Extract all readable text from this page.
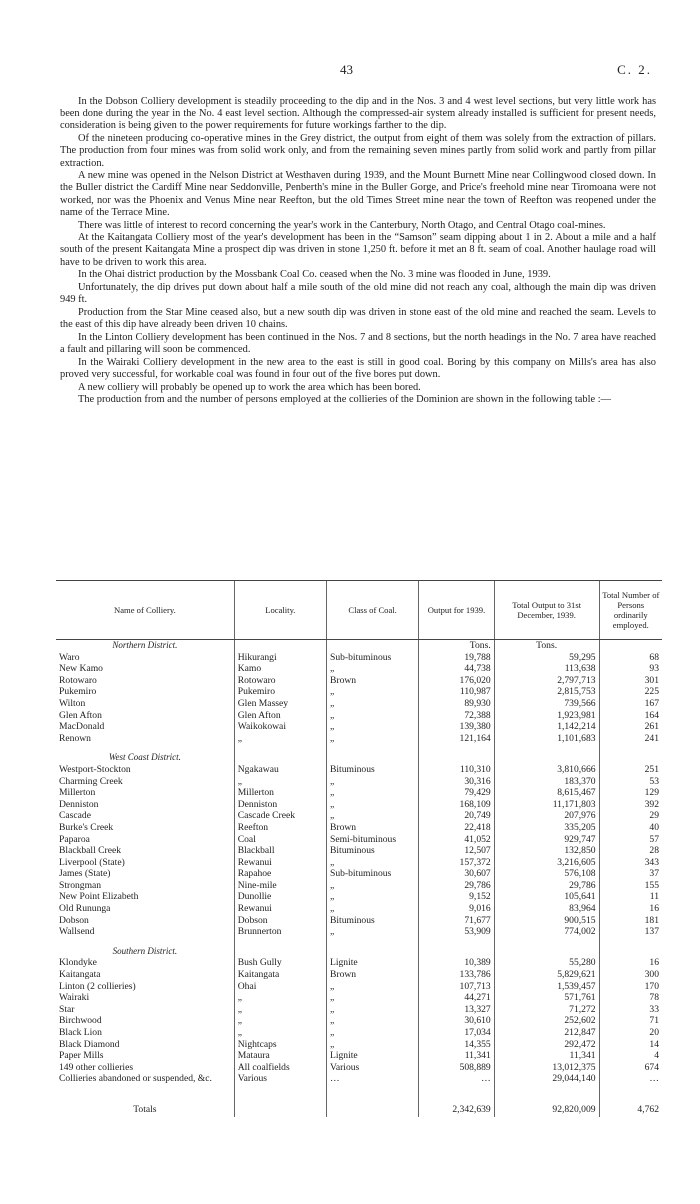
43	C. 2.

In the Dobson Colliery development is steadily proceeding to the dip and in the Nos. 3 and 4 west level sections, but very little work has been done during the year in the No. 4 east level section. Although the compressed-air system already installed is sufficient for present needs, consideration is being given to the power requirements for future workings farther to the dip.

Of the nineteen producing co-operative mines in the Grey district, the output from eight of them was solely from the extraction of pillars. The production from four mines was from solid work only, and from the remaining seven mines partly from solid work and partly from pillar extraction.

A new mine was opened in the Nelson District at Westhaven during 1939, and the Mount Burnett Mine near Collingwood closed down. In the Buller district the Cardiff Mine near Seddonville, Penberth's mine in the Buller Gorge, and Price's freehold mine near Tiromoana were not worked, nor was the Phoenix and Venus Mine near Reefton, but the old Times Street mine near the town of Reefton was reopened under the name of the Terrace Mine.

There was little of interest to record concerning the year's work in the Canterbury, North Otago, and Central Otago coal-mines.

At the Kaitangata Colliery most of the year's development has been in the “Samson” seam dipping about 1 in 2. About a mile and a half south of the present Kaitangata Mine a prospect dip was driven in stone 1,250 ft. before it met an 8 ft. seam of coal. Another haulage road will have to be driven to work this area.

In the Ohai district production by the Mossbank Coal Co. ceased when the No. 3 mine was flooded in June, 1939.

Unfortunately, the dip drives put down about half a mile south of the old mine did not reach any coal, although the main dip was driven 949 ft.

Production from the Star Mine ceased also, but a new south dip was driven in stone east of the old mine and reached the seam. Levels to the east of this dip have already been driven 10 chains.

In the Linton Colliery development has been continued in the Nos. 7 and 8 sections, but the north headings in the No. 7 area have reached a fault and pillaring will soon be commenced.

In the Wairaki Colliery development in the new area to the east is still in good coal. Boring by this company on Mills's area has also proved very successful, for workable coal was found in four out of the five bores put down.

A new colliery will probably be opened up to work the area which has been bored.

The production from and the number of persons employed at the collieries of the Dominion are shown in the following table :—

Name of Colliery.	Locality.	Class of Coal.	Output for 1939.	Total Output to 31st December, 1939.	Total Number of Persons ordinarily employed.
Northern District.			Tons.	Tons.	
Waro	Hikurangi	Sub-bituminous	19,788	59,295	68
New Kamo	Kamo	„	44,738	113,638	93
Rotowaro	Rotowaro	Brown	176,020	2,797,713	301
Pukemiro	Pukemiro	„	110,987	2,815,753	225
Wilton	Glen Massey	„	89,930	739,566	167
Glen Afton	Glen Afton	„	72,388	1,923,981	164
MacDonald	Waikokowai	„	139,380	1,142,214	261
Renown	„	„	121,164	1,101,683	241

West Coast District.					
Westport-Stockton	Ngakawau	Bituminous	110,310	3,810,666	251
Charming Creek	„	„	30,316	183,370	53
Millerton	Millerton	„	79,429	8,615,467	129
Denniston	Denniston	„	168,109	11,171,803	392
Cascade	Cascade Creek	„	20,749	207,976	29
Burke's Creek	Reefton	Brown	22,418	335,205	40
Paparoa	Coal	Semi-bituminous	41,052	929,747	57
Blackball Creek	Blackball	Bituminous	12,507	132,850	28
Liverpool (State)	Rewanui	„	157,372	3,216,605	343
James (State)	Rapahoe	Sub-bituminous	30,607	576,108	37
Strongman	Nine-mile	„	29,786	29,786	155
New Point Elizabeth	Dunollie	„	9,152	105,641	11
Old Rununga	Rewanui	„	9,016	83,964	16
Dobson	Dobson	Bituminous	71,677	900,515	181
Wallsend	Brunnerton	„	53,909	774,002	137

Southern District.					
Klondyke	Bush Gully	Lignite	10,389	55,280	16
Kaitangata	Kaitangata	Brown	133,786	5,829,621	300
Linton (2 collieries)	Ohai	„	107,713	1,539,457	170
Wairaki	„	„	44,271	571,761	78
Star	„	„	13,327	71,272	33
Birchwood	„	„	30,610	252,602	71
Black Lion	„	„	17,034	212,847	20
Black Diamond	Nightcaps	„	14,355	292,472	14
Paper Mills	Mataura	Lignite	11,341	11,341	4
149 other collieries	All coalfields	Various	508,889	13,012,375	674
Collieries abandoned or suspended, &c.	Various	…	…	29,044,140	…

Totals			2,342,639	92,820,009	4,762
